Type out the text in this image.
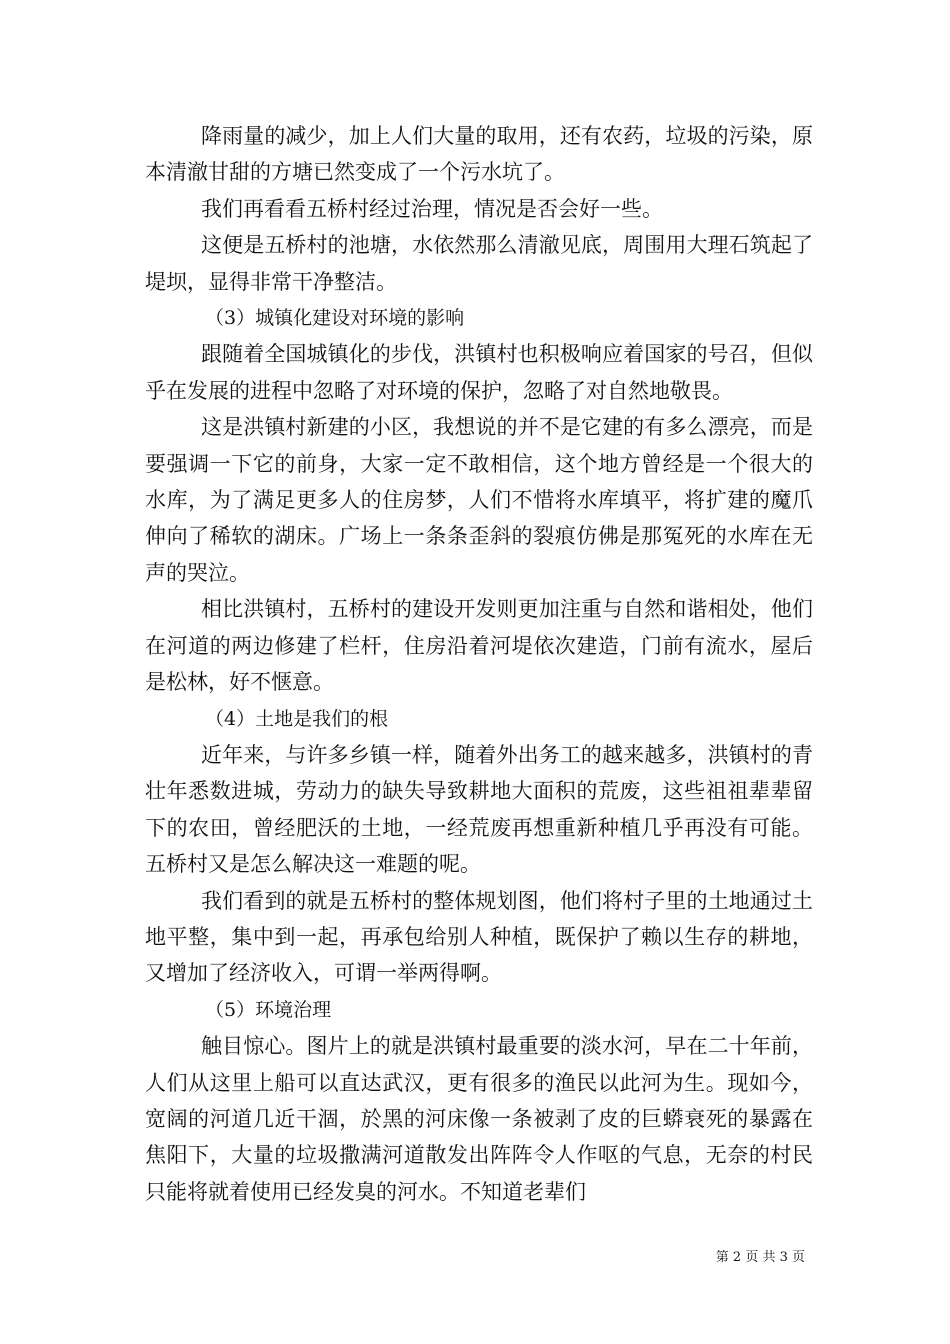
降雨量的减少，加上人们大量的取用，还有农药，垃圾的污染，原本清澈甘甜的方塘已然变成了一个污水坑了。

我们再看看五桥村经过治理，情况是否会好一些。

这便是五桥村的池塘，水依然那么清澈见底，周围用大理石筑起了堤坝，显得非常干净整洁。

（3）城镇化建设对环境的影响

跟随着全国城镇化的步伐，洪镇村也积极响应着国家的号召，但似乎在发展的进程中忽略了对环境的保护，忽略了对自然地敬畏。

这是洪镇村新建的小区，我想说的并不是它建的有多么漂亮，而是要强调一下它的前身，大家一定不敢相信，这个地方曾经是一个很大的水库，为了满足更多人的住房梦，人们不惜将水库填平，将扩建的魔爪伸向了稀软的湖床。广场上一条条歪斜的裂痕仿佛是那冤死的水库在无声的哭泣。

相比洪镇村，五桥村的建设开发则更加注重与自然和谐相处，他们在河道的两边修建了栏杆，住房沿着河堤依次建造，门前有流水，屋后是松林，好不惬意。

（4）土地是我们的根

近年来，与许多乡镇一样，随着外出务工的越来越多，洪镇村的青壮年悉数进城，劳动力的缺失导致耕地大面积的荒废，这些祖祖辈辈留下的农田，曾经肥沃的土地，一经荒废再想重新种植几乎再没有可能。五桥村又是怎么解决这一难题的呢。

我们看到的就是五桥村的整体规划图，他们将村子里的土地通过土地平整，集中到一起，再承包给别人种植，既保护了赖以生存的耕地，又增加了经济收入，可谓一举两得啊。

（5）环境治理

触目惊心。图片上的就是洪镇村最重要的淡水河，早在二十年前，人们从这里上船可以直达武汉，更有很多的渔民以此河为生。现如今，宽阔的河道几近干涸，於黑的河床像一条被剥了皮的巨蟒衰死的暴露在焦阳下，大量的垃圾撒满河道散发出阵阵令人作呕的气息，无奈的村民只能将就着使用已经发臭的河水。不知道老辈们

第 2 页 共 3 页
